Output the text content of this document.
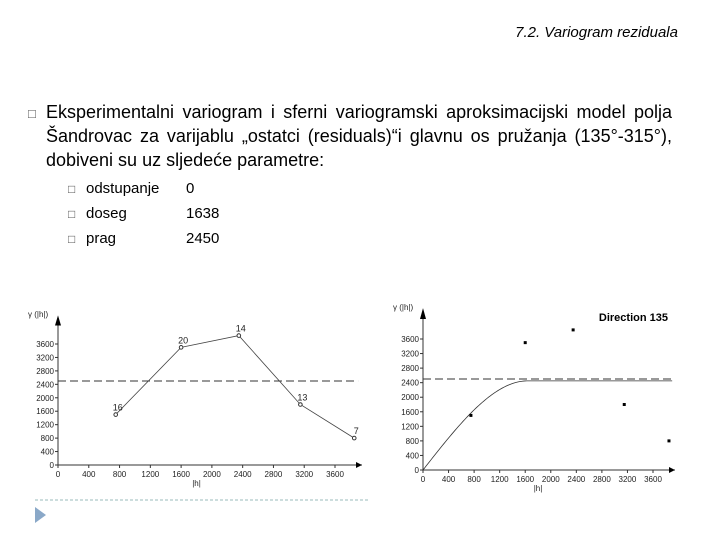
7.2. Variogram reziduala
□ Eksperimentalni variogram i sferni variogramski aproksimacijski model polja Šandrovac za varijablu „ostatci (residuals)“i glavnu os pružanja (135°-315°), dobiveni su uz sljedeće parametre:
□ odstupanje 0
□ doseg	1638
□ prag	2450
0	400 800 1200 1600 2000 2400 2800 3200 3600
0
400
800
1200
1600
2000
2400
2800
3200
3600
|h|
γ (|h|)
16
20
14
13
7
0 400 800 1200 1600 2000 2400 2800 3200 3600
0
400
800
1200
1600
2000
2400
2800
3200
3600
|h|
γ (|h|)
Direction 135
